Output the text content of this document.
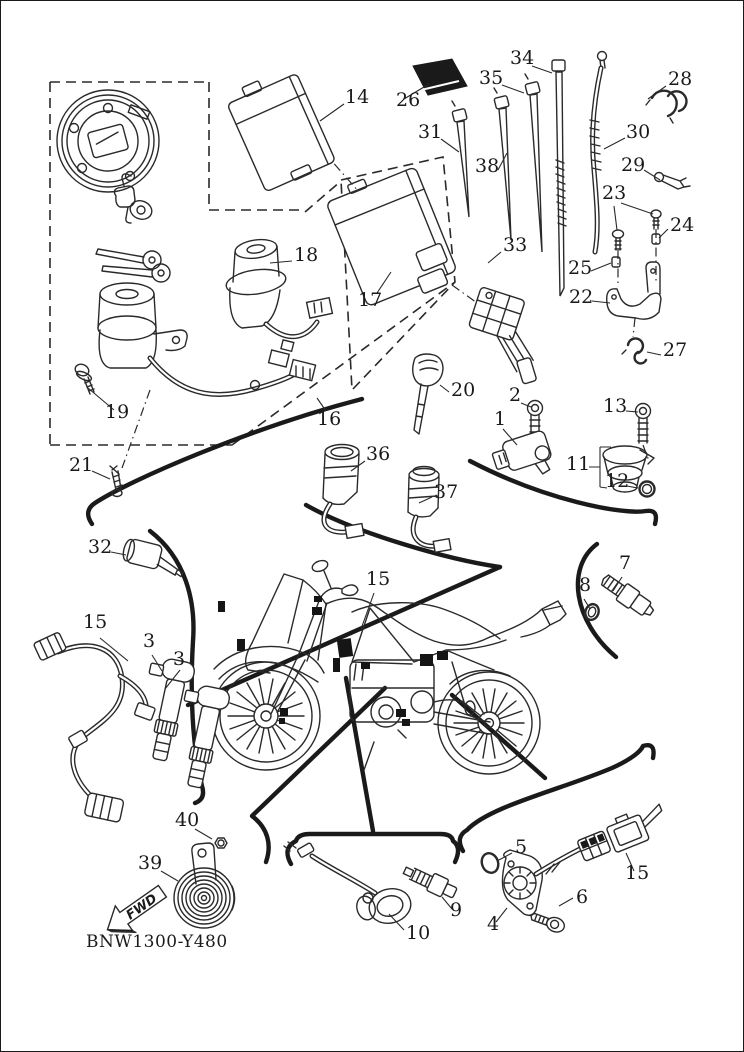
FWD
14 26
34
35	28
31	30
38	29
23
24
18
25
22
17
33
27
20 2	13
1
11
12
19	16
21	36
37
32
15
7
8
15
3
3
40
39
5
15
10
9
4
6
BNW1300-Y480
